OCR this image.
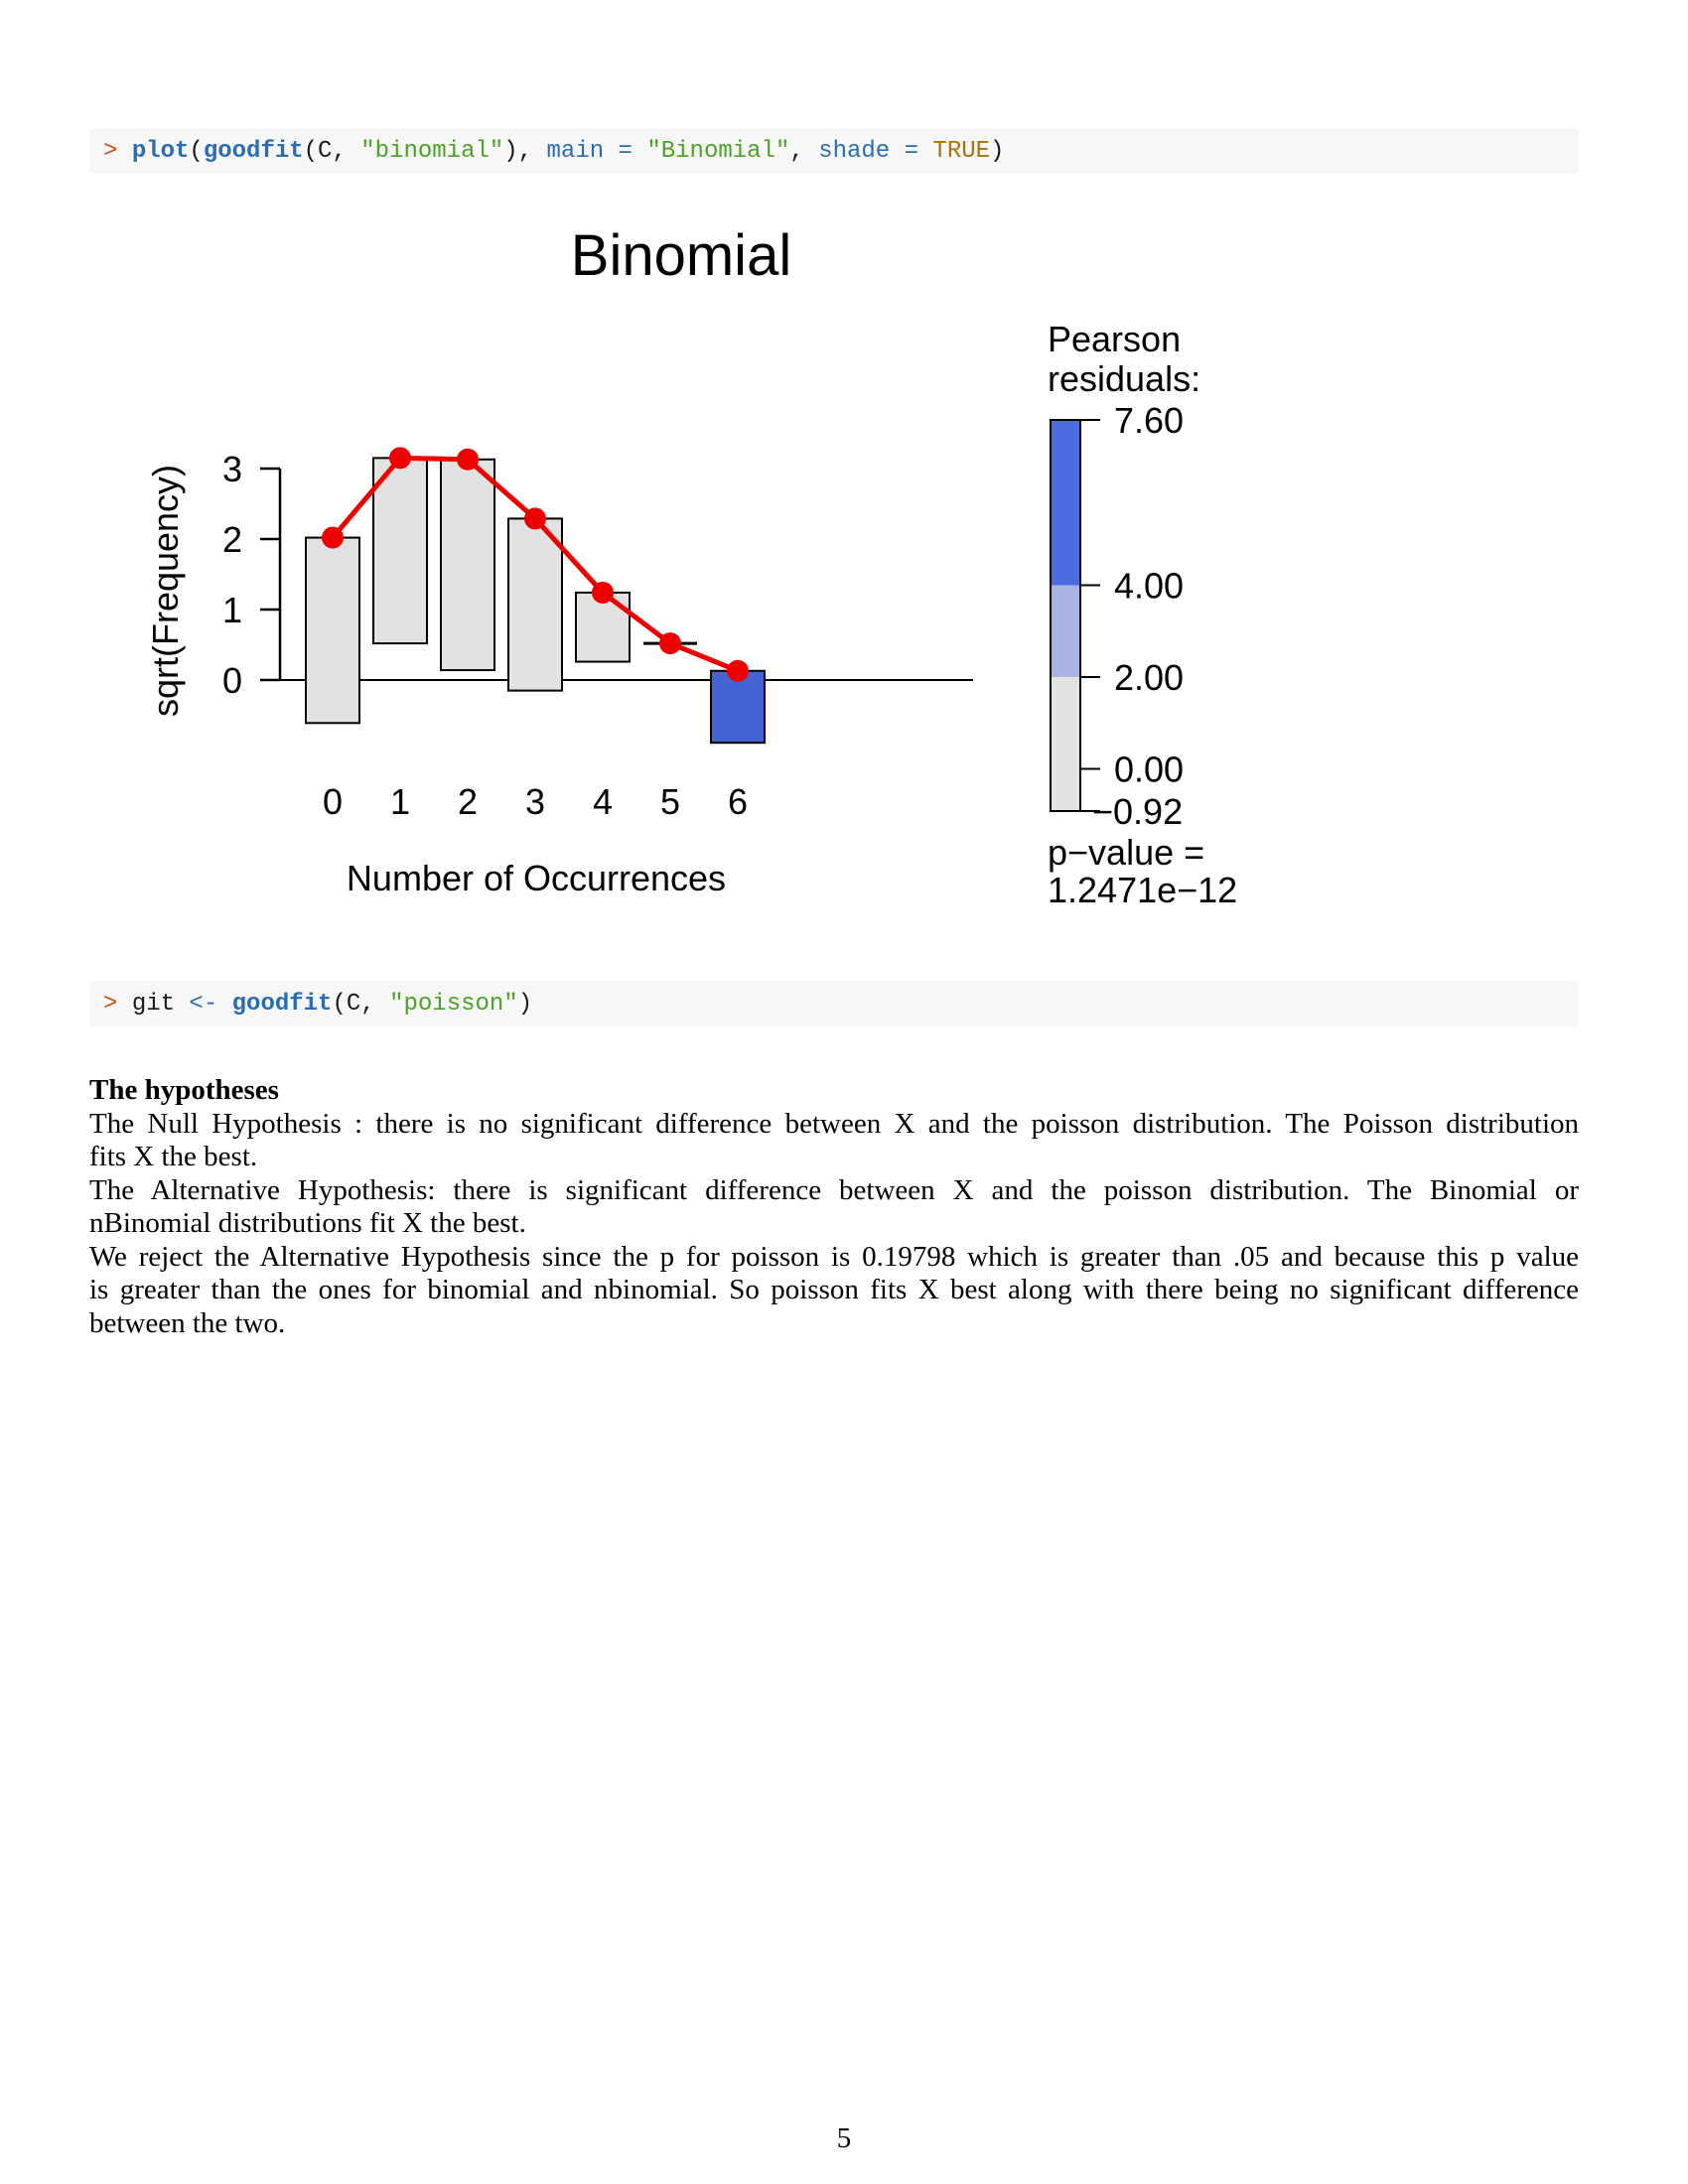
> plot ( goodfit (C, "binomial" ), main = "Binomial" , shade = TRUE )
0
1
2
3
0 1 2 3 4 5 6
7.60
4.00
2.00
0.00
−0.92
Binomial
sqrt(Frequency)
Number of Occurrences
Pearson
residuals:
p−value =
1.2471e−12
> git <- goodfit (C, "poisson" )
The hypotheses
The Null Hypothesis : there is no significant difference between X and the poisson distribution. The Poisson distribution
fits X the best.
The Alternative Hypothesis: there is significant difference between X and the poisson distribution. The Binomial or
nBinomial distributions fit X the best.
We reject the Alternative Hypothesis since the p for poisson is 0.19798 which is greater than .05 and because this p value
is greater than the ones for binomial and nbinomial. So poisson fits X best along with there being no significant difference
between the two.
5
